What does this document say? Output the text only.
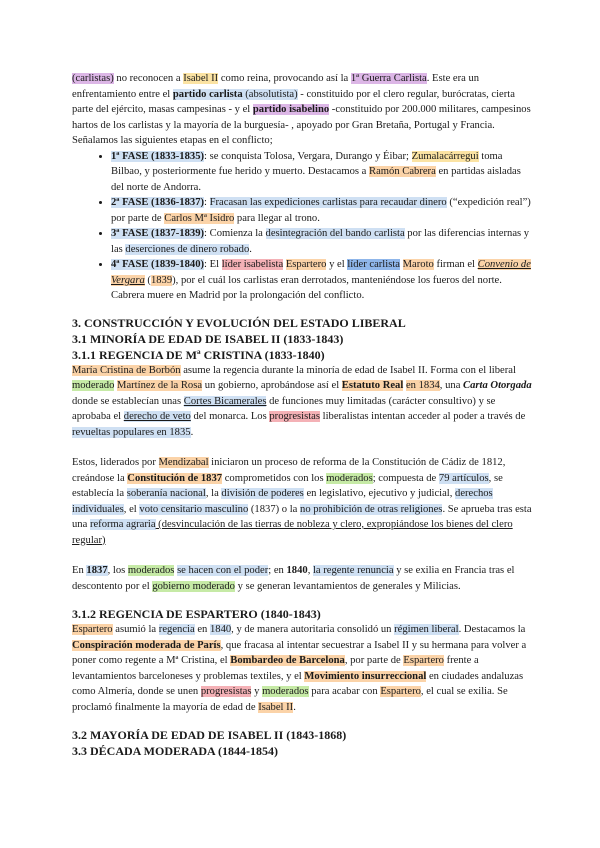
(carlistas) no reconocen a Isabel II como reina, provocando así la 1ª Guerra Carlista. Este era un enfrentamiento entre el partido carlista (absolutista) - constituido por el clero regular, burócratas, cierta parte del ejército, masas campesinas - y el partido isabelino -constituido por 200.000 militares, campesinos hartos de los carlistas y la mayoría de la burguesía- , apoyado por Gran Bretaña, Portugal y Francia.

Señalamos las siguientes etapas en el conflicto;

• 1ª FASE (1833-1835): se conquista Tolosa, Vergara, Durango y Éibar; Zumalacárregui toma Bilbao, y posteriormente fue herido y muerto. Destacamos a Ramón Cabrera en partidas aisladas del norte de Andorra.
• 2ª FASE (1836-1837): Fracasan las expediciones carlistas para recaudar dinero (“expedición real”) por parte de Carlos Mª Isidro para llegar al trono.
• 3ª FASE (1837-1839): Comienza la desintegración del bando carlista por las diferencias internas y las deserciones de dinero robado.
• 4ª FASE (1839-1840): El líder isabelista Espartero y el líder carlista Maroto firman el Convenio de Vergara (1839), por el cuál los carlistas eran derrotados, manteniéndose los fueros del norte. Cabrera muere en Madrid por la prolongación del conflicto.
3. CONSTRUCCIÓN Y EVOLUCIÓN DEL ESTADO LIBERAL
3.1 MINORÍA DE EDAD DE ISABEL II (1833-1843)
3.1.1 REGENCIA DE Mª CRISTINA (1833-1840)

María Cristina de Borbón asume la regencia durante la minoría de edad de Isabel II. Forma con el liberal moderado Martínez de la Rosa un gobierno, aprobándose así el Estatuto Real en 1834, una Carta Otorgada donde se establecían unas Cortes Bicamerales de funciones muy limitadas (carácter consultivo) y se aprobaba el derecho de veto del monarca. Los progresistas liberalistas intentan acceder al poder a través de revueltas populares en 1835.

Estos, liderados por Mendizabal iniciaron un proceso de reforma de la Constitución de Cádiz de 1812, creándose la Constitución de 1837 comprometidos con los moderados; compuesta de 79 artículos, se establecía la soberanía nacional, la división de poderes en legislativo, ejecutivo y judicial, derechos individuales, el voto censitario masculino (1837) o la no prohibición de otras religiones. Se aprueba tras esta una reforma agraria (desvinculación de las tierras de nobleza y clero, expropiándose los bienes del clero regular)

En 1837, los moderados se hacen con el poder; en 1840, la regente renuncia y se exilia en Francia tras el descontento por el gobierno moderado y se generan levantamientos de generales y Milicias.

3.1.2 REGENCIA DE ESPARTERO (1840-1843)

Espartero asumió la regencia en 1840, y de manera autoritaria consolidó un régimen liberal. Destacamos la Conspiración moderada de París, que fracasa al intentar secuestrar a Isabel II y su hermana para volver a poner como regente a Mª Cristina, el Bombardeo de Barcelona, por parte de Espartero frente a levantamientos barceloneses y problemas textiles, y el Movimiento insurreccional en ciudades andaluzas como Almería, donde se unen progresistas y moderados para acabar con Espartero, el cual se exilia. Se proclamó finalmente la mayoría de edad de Isabel II.

3.2 MAYORÍA DE EDAD DE ISABEL II (1843-1868)
3.3 DÉCADA MODERADA (1844-1854)
